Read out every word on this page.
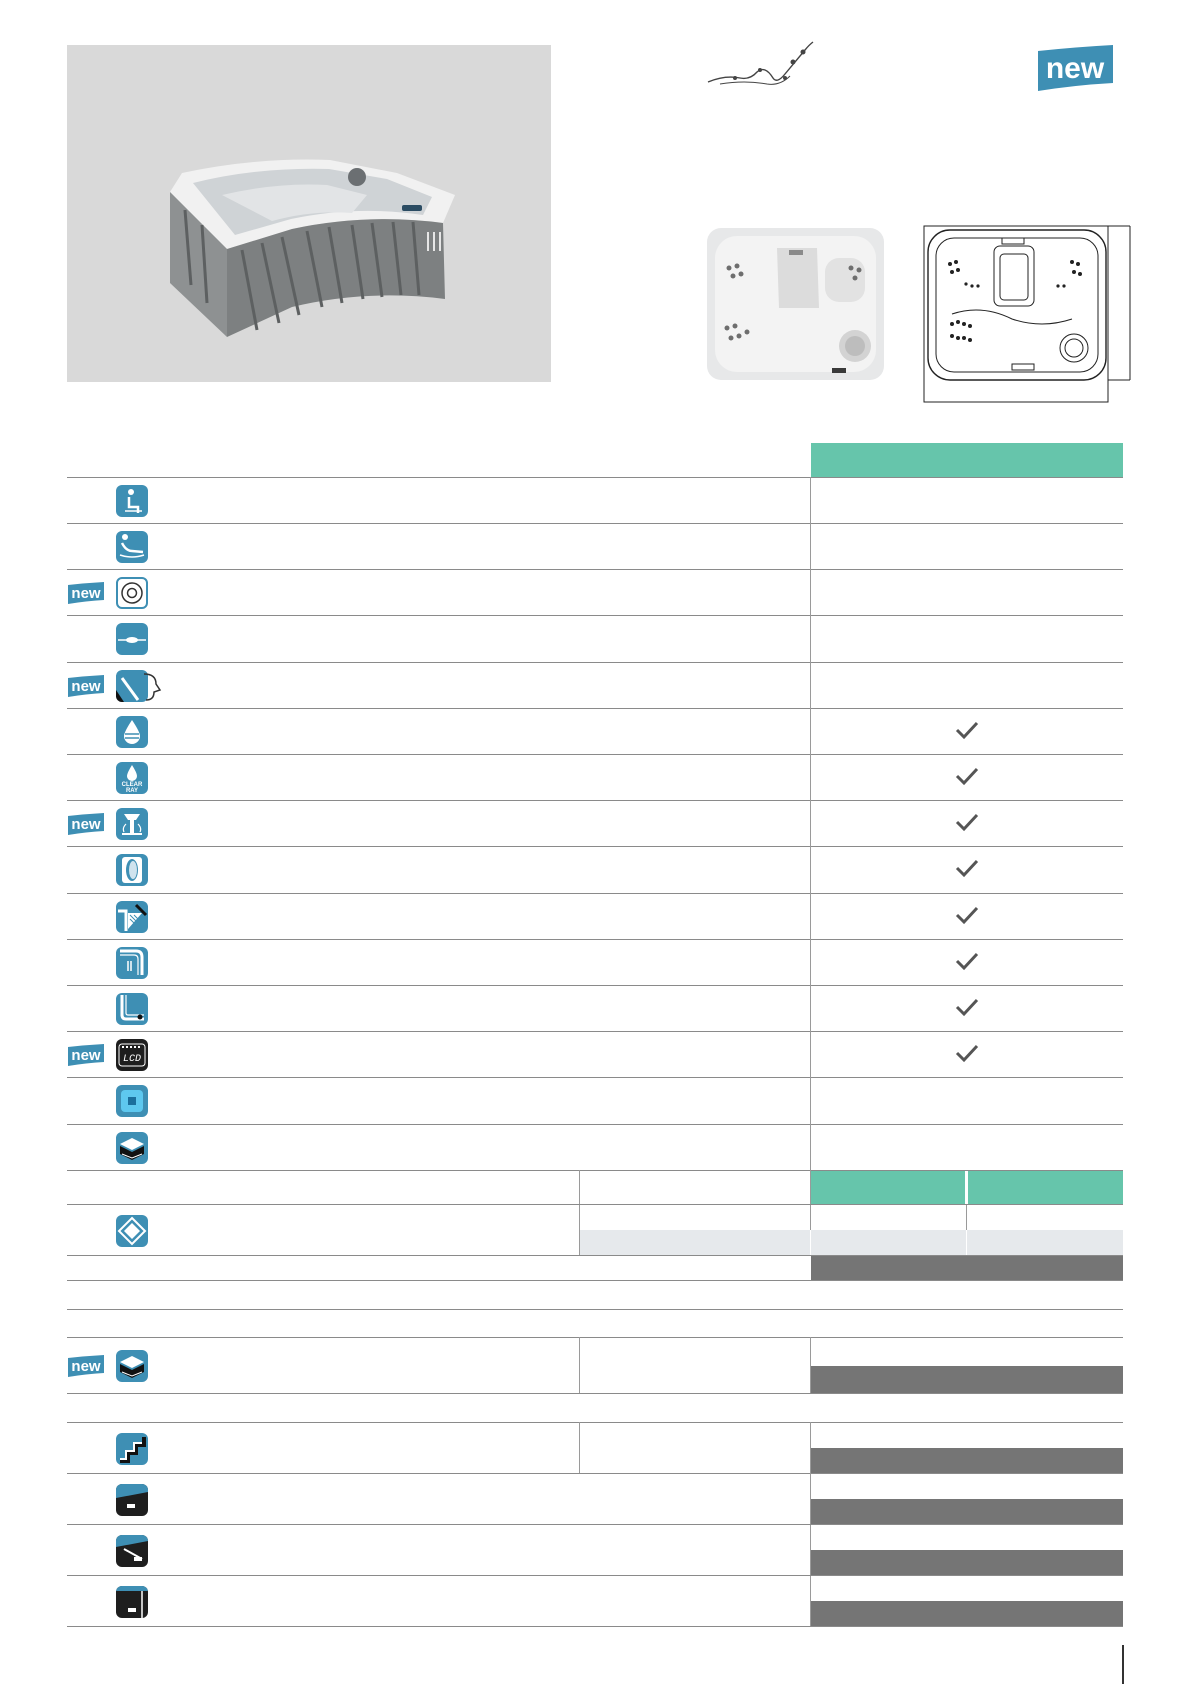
new
CLEAR
RAY
LCD
new
new
new
new
new
